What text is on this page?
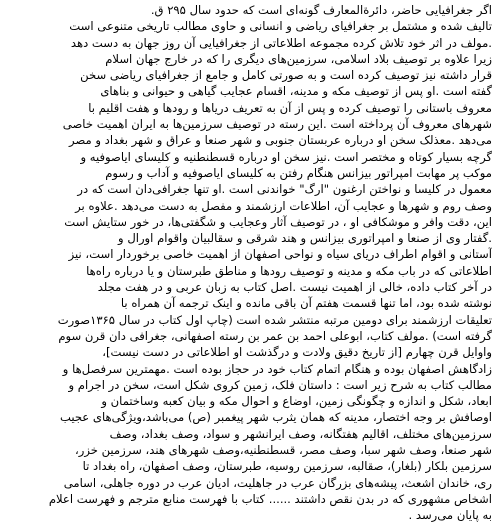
اگر جغرافیایی حاضر، دائرةالمعارف گونه‌ای است که حدود سال ۲۹۵ ق.
تالیف شده و مشتمل بر جغرافیای ریاضی و انسانی و حاوی مطالب تاریخی متنوعی است
.مولف در اثر خود تلاش کرده مجموعه اطلاعاتی از جغرافیایی آن روز جهان به دست دهد
زیرا علاوه بر توصیف بلاد اسلامی، سرزمین‌های دیگری را که در خارج جهان اسلام
قرار داشته نیز توصیف کرده است و به صورتی کامل و جامع از جغرافیای ریاضی سخن
گفته است .او پس از توصیف مکه و مدینه، اقسام عجایب گیاهی و حیوانی و بناهای
معروف باستانی را توصیف کرده و پس از آن به تعریف دریاها و رودها و هفت اقلیم با
شهرهای معروف آن پرداخته است .این رسته در توصیف سرزمین‌ها به ایران اهمیت خاصی
می‌دهد .معذلک سخن او درباره عربستان جنوبی و شهر صنعا و عراق و شهر بغداد و مصر
گرچه بسیار کوتاه و مختصر است .نیز سخن او درباره قسطنطنیه و کلیسای ایاصوفیه و
موکب پر مهابت امپراتور بیزانس هنگام رفتن به کلیسای ایاصوفیه و آداب و رسوم
معمول در کلیسا و نواختن ارغنون "ارگ" خواندنی است .او تنها جغرافی‌دان است که در
وصف روم و شهرها و عجایب آن، اطلاعات ارزشمند و مفصل به دست می‌دهد .علاوه بر
این، دقت وافر و موشکافی او ، در توصیف آثار وعجایب و شگفتی‌ها، در خور ستایش است
.گفتار وی از صنعا و امپراتوری بیزانس و هند شرقی و سقالبیان واقوام اورال و
آستانی و اقوام اطراف دریای سیاه و نواحی اصفهان از اهمیت خاصی برخوردار است، نیز
اطلاعاتی که در باب مکه و مدینه و توصیف رودها و مناطق طبرستان و یا درباره راه‌ها
در آخر کتاب داده، خالی از اهمیت نیست .اصل کتاب به زبان عربی و در هفت مجلد
نوشته شده بود، اما تنها قسمت هفتم آن باقی مانده و اینک ترجمه آن همراه با
تعلیقات ارزشمند برای دومین مرتبه منتشر شده است (چاپ اول کتاب در سال ۱۳۶۵صورت
گرفته است) .مولف کتاب، ابوعلی احمد بن عمر بن رسته اصفهانی، جغرافی دان قرن سوم
واوایل قرن چهارم [از تاریخ دقیق ولادت و درگذشت او اطلاعاتی در دست نیست]،
زادگاهش اصفهان بوده و هنگام اتمام کتاب خود در حجاز بوده است .مهمترین سرفصل‌ها و
مطالب کتاب به شرح زیر است : داستان فلک، زمین کروی شکل است، سخن در اجرام و
ابعاد، شکل و اندازه و چگونگی زمین، اوضاع و احوال مکه و بیان کعبه وساختمان و
اوصافش بر وجه اختصار، مدینه که همان یثرب شهر پیغمبر (ص) می‌باشد،ویژگی‌های عجیب
سرزمین‌های مختلف، اقالیم هفتگانه، وصف ایرانشهر و سواد، وصف بغداد، وصف
شهر صنعا، وصف شهر سبا، وصف مصر، قسطنطنیه،وصف شهرهای هند، سرزمین خزر،
سرزمین بلکار (بلغار)، صقالبه، سرزمین روسیه، طبرستان، وصف اصفهان، راه بغداد تا
ری، خاندان اشعث، پیشه‌های بزرگان عرب در جاهلیت، ادیان عرب در دوره جاهلی، اسامی
اشخاص مشهوری که در بدن نقص داشتند ...... کتاب با فهرست منابع مترجم و فهرست اعلام
به پایان می‌رسد .
